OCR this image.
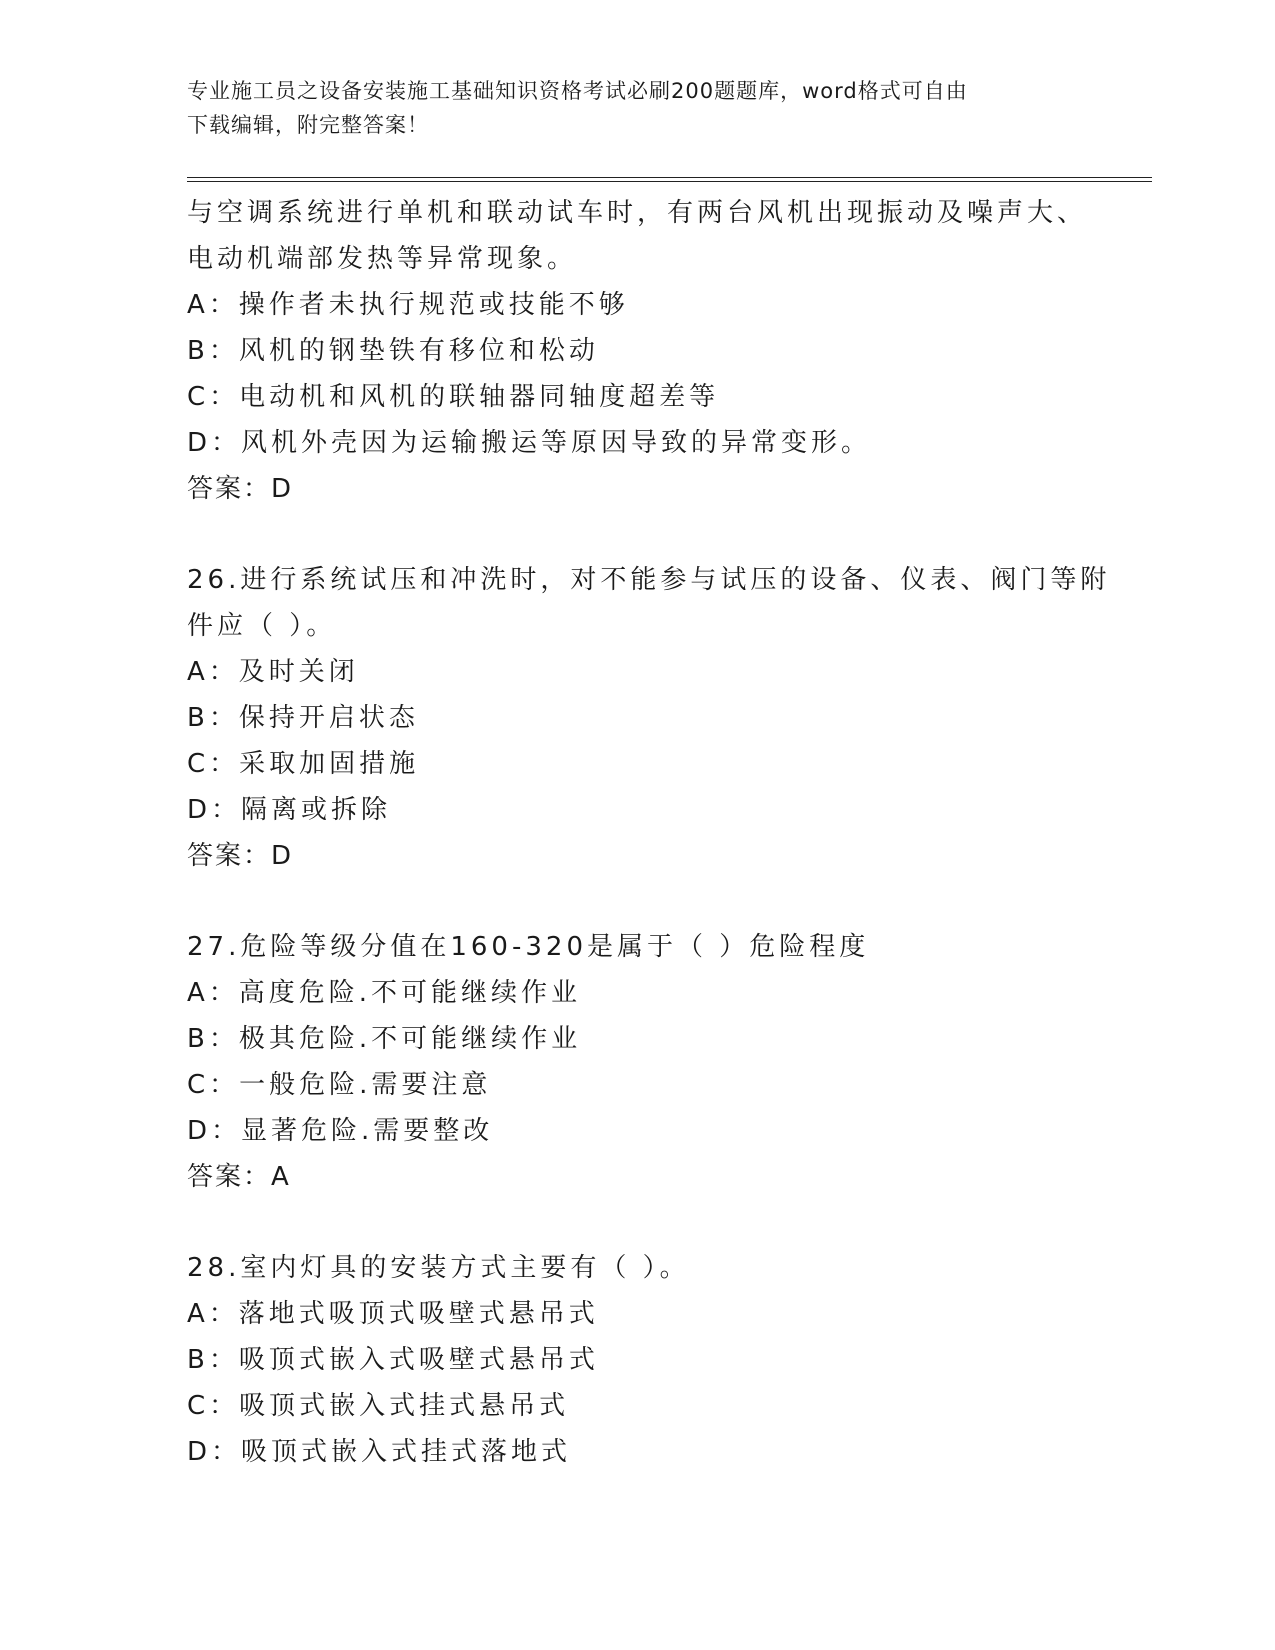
专业施工员之设备安装施工基础知识资格考试必刷200题题库，word格式可自由
下载编辑，附完整答案！
与空调系统进行单机和联动试车时，有两台风机出现振动及噪声大、
电动机端部发热等异常现象。
A：操作者未执行规范或技能不够
B：风机的钢垫铁有移位和松动
C：电动机和风机的联轴器同轴度超差等
D：风机外壳因为运输搬运等原因导致的异常变形。
答案：D
26.进行系统试压和冲洗时，对不能参与试压的设备、仪表、阀门等附
件应（ ）。
A：及时关闭
B：保持开启状态
C：采取加固措施
D：隔离或拆除
答案：D
27.危险等级分值在160-320是属于（ ）危险程度
A：高度危险.不可能继续作业
B：极其危险.不可能继续作业
C：一般危险.需要注意
D：显著危险.需要整改
答案：A
28.室内灯具的安装方式主要有（ ）。
A：落地式吸顶式吸壁式悬吊式
B：吸顶式嵌入式吸壁式悬吊式
C：吸顶式嵌入式挂式悬吊式
D：吸顶式嵌入式挂式落地式
